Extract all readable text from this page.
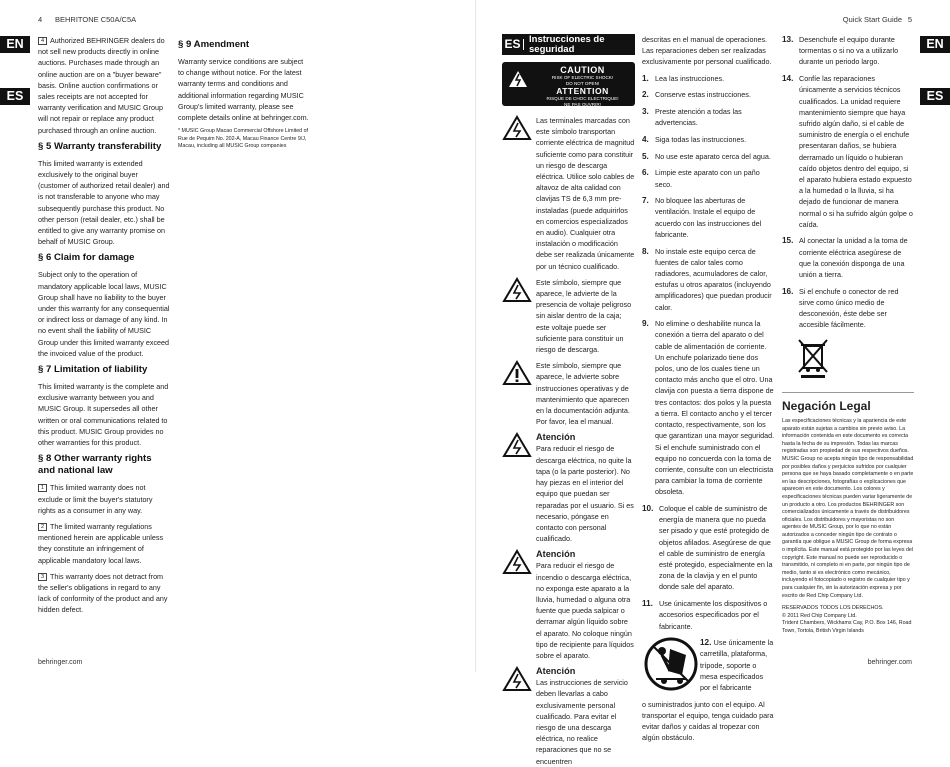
4 BEHRITONE C50A/C5A
EN
ES

4 Authorized BEHRINGER dealers do not sell new products directly in online auctions. Purchases made through an online auction are on a "buyer beware" basis. Online auction confirmations or sales receipts are not accepted for warranty verification and MUSIC Group will not repair or replace any product purchased through an online auction.

§ 5 Warranty transferability

This limited warranty is extended exclusively to the original buyer (customer of authorized retail dealer) and is not transferable to anyone who may subsequently purchase this product. No other person (retail dealer, etc.) shall be entitled to give any warranty promise on behalf of MUSIC Group.

§ 6 Claim for damage

Subject only to the operation of mandatory applicable local laws, MUSIC Group shall have no liability to the buyer under this warranty for any consequential or indirect loss or damage of any kind. In no event shall the liability of MUSIC Group under this limited warranty exceed the invoiced value of the product.

§ 7 Limitation of liability

This limited warranty is the complete and exclusive warranty between you and MUSIC Group. It supersedes all other written or oral communications related to this product. MUSIC Group provides no other warranties for this product.

§ 8 Other warranty rights and national law

1 This limited warranty does not exclude or limit the buyer's statutory rights as a consumer in any way.

2 The limited warranty regulations mentioned herein are applicable unless they constitute an infringement of applicable mandatory local laws.

3 This warranty does not detract from the seller's obligations in regard to any lack of conformity of the product and any hidden defect.

§ 9 Amendment

Warranty service conditions are subject to change without notice. For the latest warranty terms and conditions and additional information regarding MUSIC Group's limited warranty, please see complete details online at behringer.com.

* MUSIC Group Macao Commercial Offshore Limited of Rue de Pequim No. 202-A, Macau Finance Centre 9/J, Macau, including all MUSIC Group companies

behringer.com
Quick Start Guide 5
EN
ES
ES Instrucciones de
seguridad
CAUTION
RISK OF ELECTRIC SHOCK!
DO NOT OPEN!
ATTENTION
RISQUE DE CHOC ELECTRIQUE!
NE PAS OUVRIR!
Las terminales marcadas con este símbolo transportan corriente eléctrica de magnitud suficiente como para constituir un riesgo de descarga eléctrica. Utilice solo cables de altavoz de alta calidad con clavijas TS de 6,3 mm pre-instaladas (puede adquirirlos en comercios especializados en audio). Cualquier otra instalación o modificación debe ser realizada únicamente por un técnico cualificado.
Este símbolo, siempre que aparece, le advierte de la presencia de voltaje peligroso sin aislar dentro de la caja; este voltaje puede ser suficiente para constituir un riesgo de descarga.
Este símbolo, siempre que aparece, le advierte sobre instrucciones operativas y de mantenimiento que aparecen en la documentación adjunta. Por favor, lea el manual.
Atención
Para reducir el riesgo de descarga eléctrica, no quite la tapa (o la parte posterior). No hay piezas en el interior del equipo que puedan ser reparadas por el usuario. Si es necesario, póngase en contacto con personal cualificado.
Atención
Para reducir el riesgo de incendio o descarga eléctrica, no exponga este aparato a la lluvia, humedad o alguna otra fuente que pueda salpicar o derramar algún líquido sobre el aparato. No coloque ningún tipo de recipiente para líquidos sobre el aparato.
Atención
Las instrucciones de servicio deben llevarlas a cabo exclusivamente personal cualificado. Para evitar el riesgo de una descarga eléctrica, no realice reparaciones que no se encuentren

descritas en el manual de operaciones. Las reparaciones deben ser realizadas exclusivamente por personal cualificado.

1. Lea las instrucciones.
2. Conserve estas instrucciones.
3. Preste atención a todas las advertencias.
4. Siga todas las instrucciones.
5. No use este aparato cerca del agua.
6. Limpie este aparato con un paño seco.
7. No bloquee las aberturas de ventilación. Instale el equipo de acuerdo con las instrucciones del fabricante.
8. No instale este equipo cerca de fuentes de calor tales como radiadores, acumuladores de calor, estufas u otros aparatos (incluyendo amplificadores) que puedan producir calor.
9. No elimine o deshabilite nunca la conexión a tierra del aparato o del cable de alimentación de corriente. Un enchufe polarizado tiene dos polos, uno de los cuales tiene un contacto más ancho que el otro. Una clavija con puesta a tierra dispone de tres contactos: dos polos y la puesta a tierra. El contacto ancho y el tercer contacto, respectivamente, son los que garantizan una mayor seguridad. Si el enchufe suministrado con el equipo no concuerda con la toma de corriente, consulte con un electricista para cambiar la toma de corriente obsoleta.
10. Coloque el cable de suministro de energía de manera que no pueda ser pisado y que esté protegido de objetos afilados. Asegúrese de que el cable de suministro de energía esté protegido, especialmente en la zona de la clavija y en el punto donde sale del aparato.
11. Use únicamente los dispositivos o accesorios especificados por el fabricante.
12. Use únicamente la carretilla, plataforma, trípode, soporte o mesa especificados por el fabricante

o suministrados junto con el equipo. Al transportar el equipo, tenga cuidado para evitar daños y caídas al tropezar con algún obstáculo.

13. Desenchufe el equipo durante tormentas o si no va a utilizarlo durante un periodo largo.
14. Confíe las reparaciones únicamente a servicios técnicos cualificados. La unidad requiere mantenimiento siempre que haya sufrido algún daño, si el cable de suministro de energía o el enchufe presentaran daños, se hubiera derramado un líquido o hubieran caído objetos dentro del equipo, si el aparato hubiera estado expuesto a la humedad o la lluvia, si ha dejado de funcionar de manera normal o si ha sufrido algún golpe o caída.
15. Al conectar la unidad a la toma de corriente eléctrica asegúrese de que la conexión disponga de una unión a tierra.
16. Si el enchufe o conector de red sirve como único medio de desconexión, éste debe ser accesible fácilmente.
Negación Legal

Las especificaciones técnicas y la apariencia de este aparato están sujetas a cambios sin previo aviso. La información contenida en este documento es correcta hasta la fecha de su impresión. Todas las marcas registradas son propiedad de sus respectivos dueños. MUSIC Group no acepta ningún tipo de responsabilidad por posibles daños y perjuicios sufridos por cualquier persona que se haya basado completamente o en parte en las descripciones, fotografías o explicaciones que aparecen en este documento. Los colores y especificaciones técnicas pueden variar ligeramente de un producto a otro. Los productos BEHRINGER son comercializados únicamente a través de distribuidores oficiales. Los distribuidores y mayoristas no son agentes de MUSIC Group, por lo que no están autorizados a conceder ningún tipo de contrato o garantía que obligue a MUSIC Group de forma expresa o implícita. Este manual está protegido por las leyes del copyright. Este manual no puede ser reproducido o transmitido, ni completo ni en parte, por ningún tipo de medio, tanto si es electrónico como mecánico, incluyendo el fotocopiado o registro de cualquier tipo y para cualquier fin, sin la autorización expresa y por escrito de Red Chip Company Ltd.

RESERVADOS TODOS LOS DERECHOS.

© 2011 Red Chip Company Ltd.

Trident Chambers, Wickhams Cay, P.O. Box 146, Road Town, Tortola, British Virgin Islands

behringer.com
